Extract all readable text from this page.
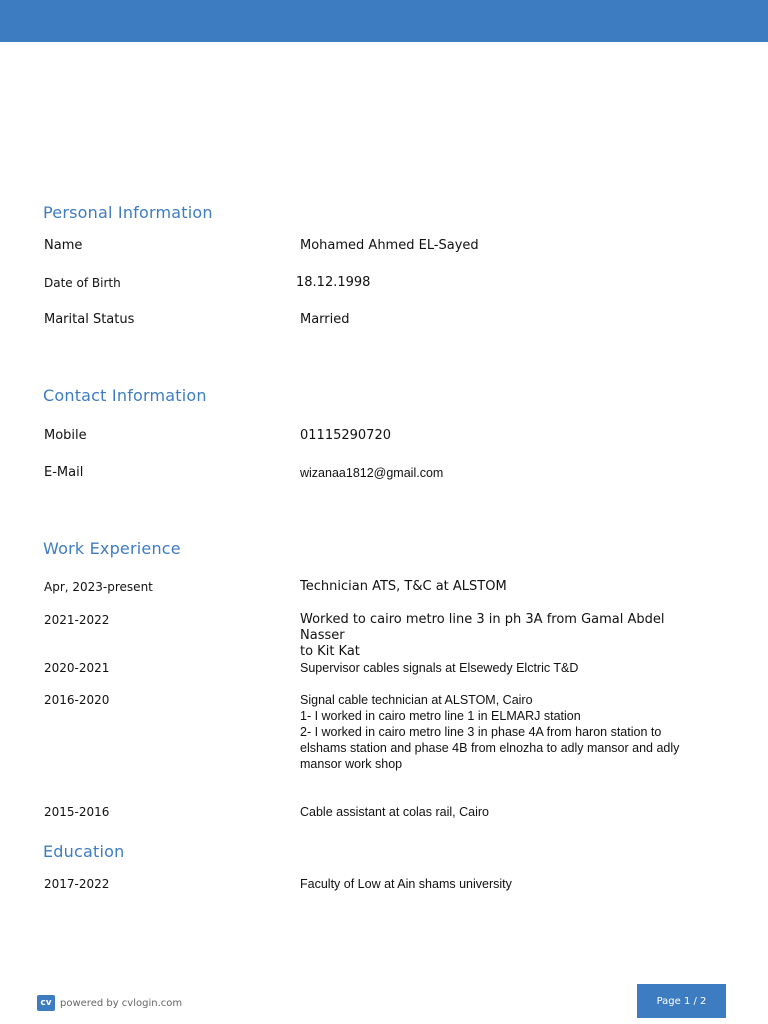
Personal Information
Name	Mohamed Ahmed EL-Sayed
Date of Birth	18.12.1998
Marital Status	Married
Contact Information
Mobile	01115290720
E-Mail	wizanaa1812@gmail.com
Work Experience
Apr, 2023-present	Technician ATS, T&C at ALSTOM
2021-2022	Worked to cairo metro line 3 in ph 3A from Gamal Abdel Nasser
to Kit Kat
2020-2021	Supervisor cables signals at Elsewedy Elctric T&D
2016-2020	Signal cable technician at ALSTOM, Cairo
1- I worked in cairo metro line 1 in ELMARJ station
2- I worked in cairo metro line 3 in phase 4A from haron station to elshams station and phase 4B from elnozha to adly mansor and adly mansor work shop
2015-2016	Cable assistant at colas rail, Cairo
Education
2017-2022	Faculty of Low at Ain shams university
cv powered by cvlogin.com	Page 1 / 2
